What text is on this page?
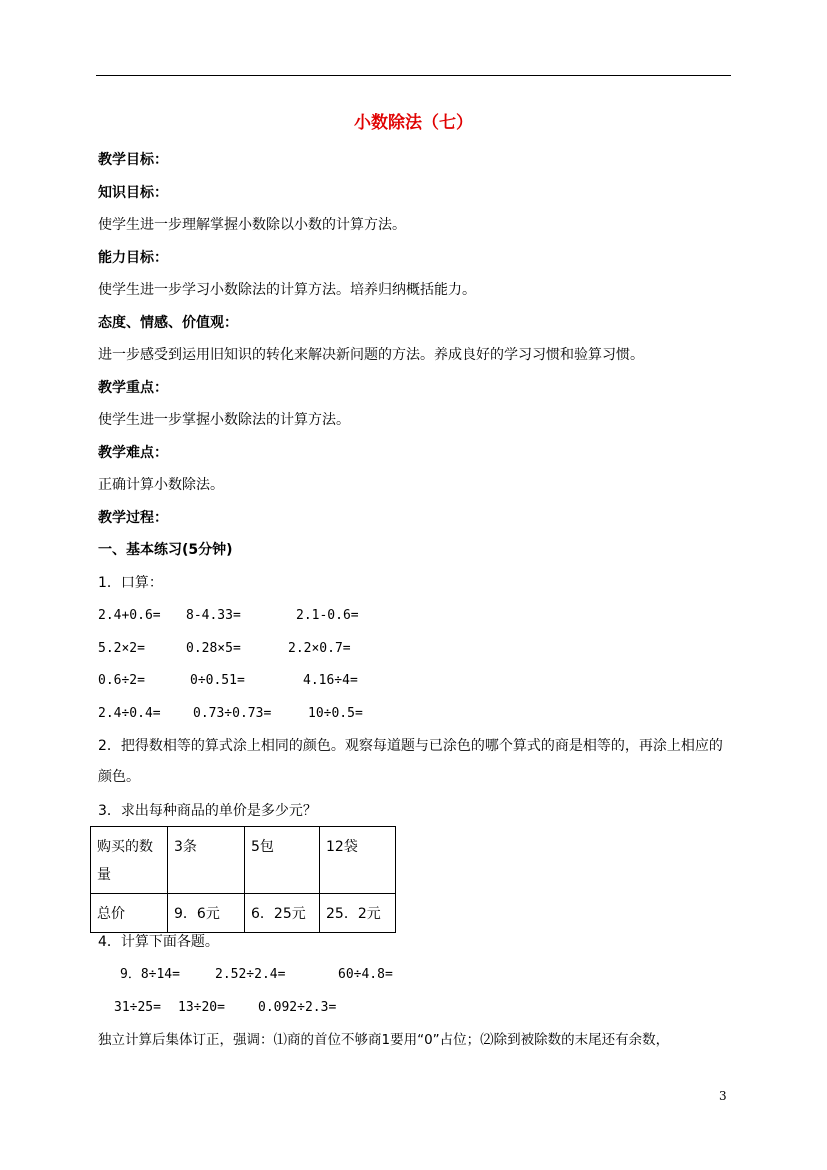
小数除法（七）

教学目标：

知识目标：

使学生进一步理解掌握小数除以小数的计算方法。

能力目标：

使学生进一步学习小数除法的计算方法。培养归纳概括能力。

态度、情感、价值观：

进一步感受到运用旧知识的转化来解决新问题的方法。养成良好的学习习惯和验算习惯。

教学重点：

使学生进一步掌握小数除法的计算方法。

教学难点：

正确计算小数除法。

教学过程：

一、基本练习(5分钟)

1．口算：

2.4+0.6= 8-4.33=	2.1-0.6=

5.2×2=	0.28×5=	2.2×0.7=

0.6÷2=	0÷0.51=	4.16÷4=

2.4÷0.4= 0.73÷0.73=	10÷0.5=

2．把得数相等的算式涂上相同的颜色。观察每道题与已涂色的哪个算式的商是相等的，再涂上相应的颜色。

3．求出每种商品的单价是多少元？

购买的数量	3条	5包	12袋
总价	9．6元	6．25元	25．2元

4．计算下面各题。

9．8÷14=	2.52÷2.4=	60÷4.8=

31÷25= 13÷20=	0.092÷2.3=

独立计算后集体订正，强调：⑴商的首位不够商1要用“0”占位；⑵除到被除数的末尾还有余数，

3
